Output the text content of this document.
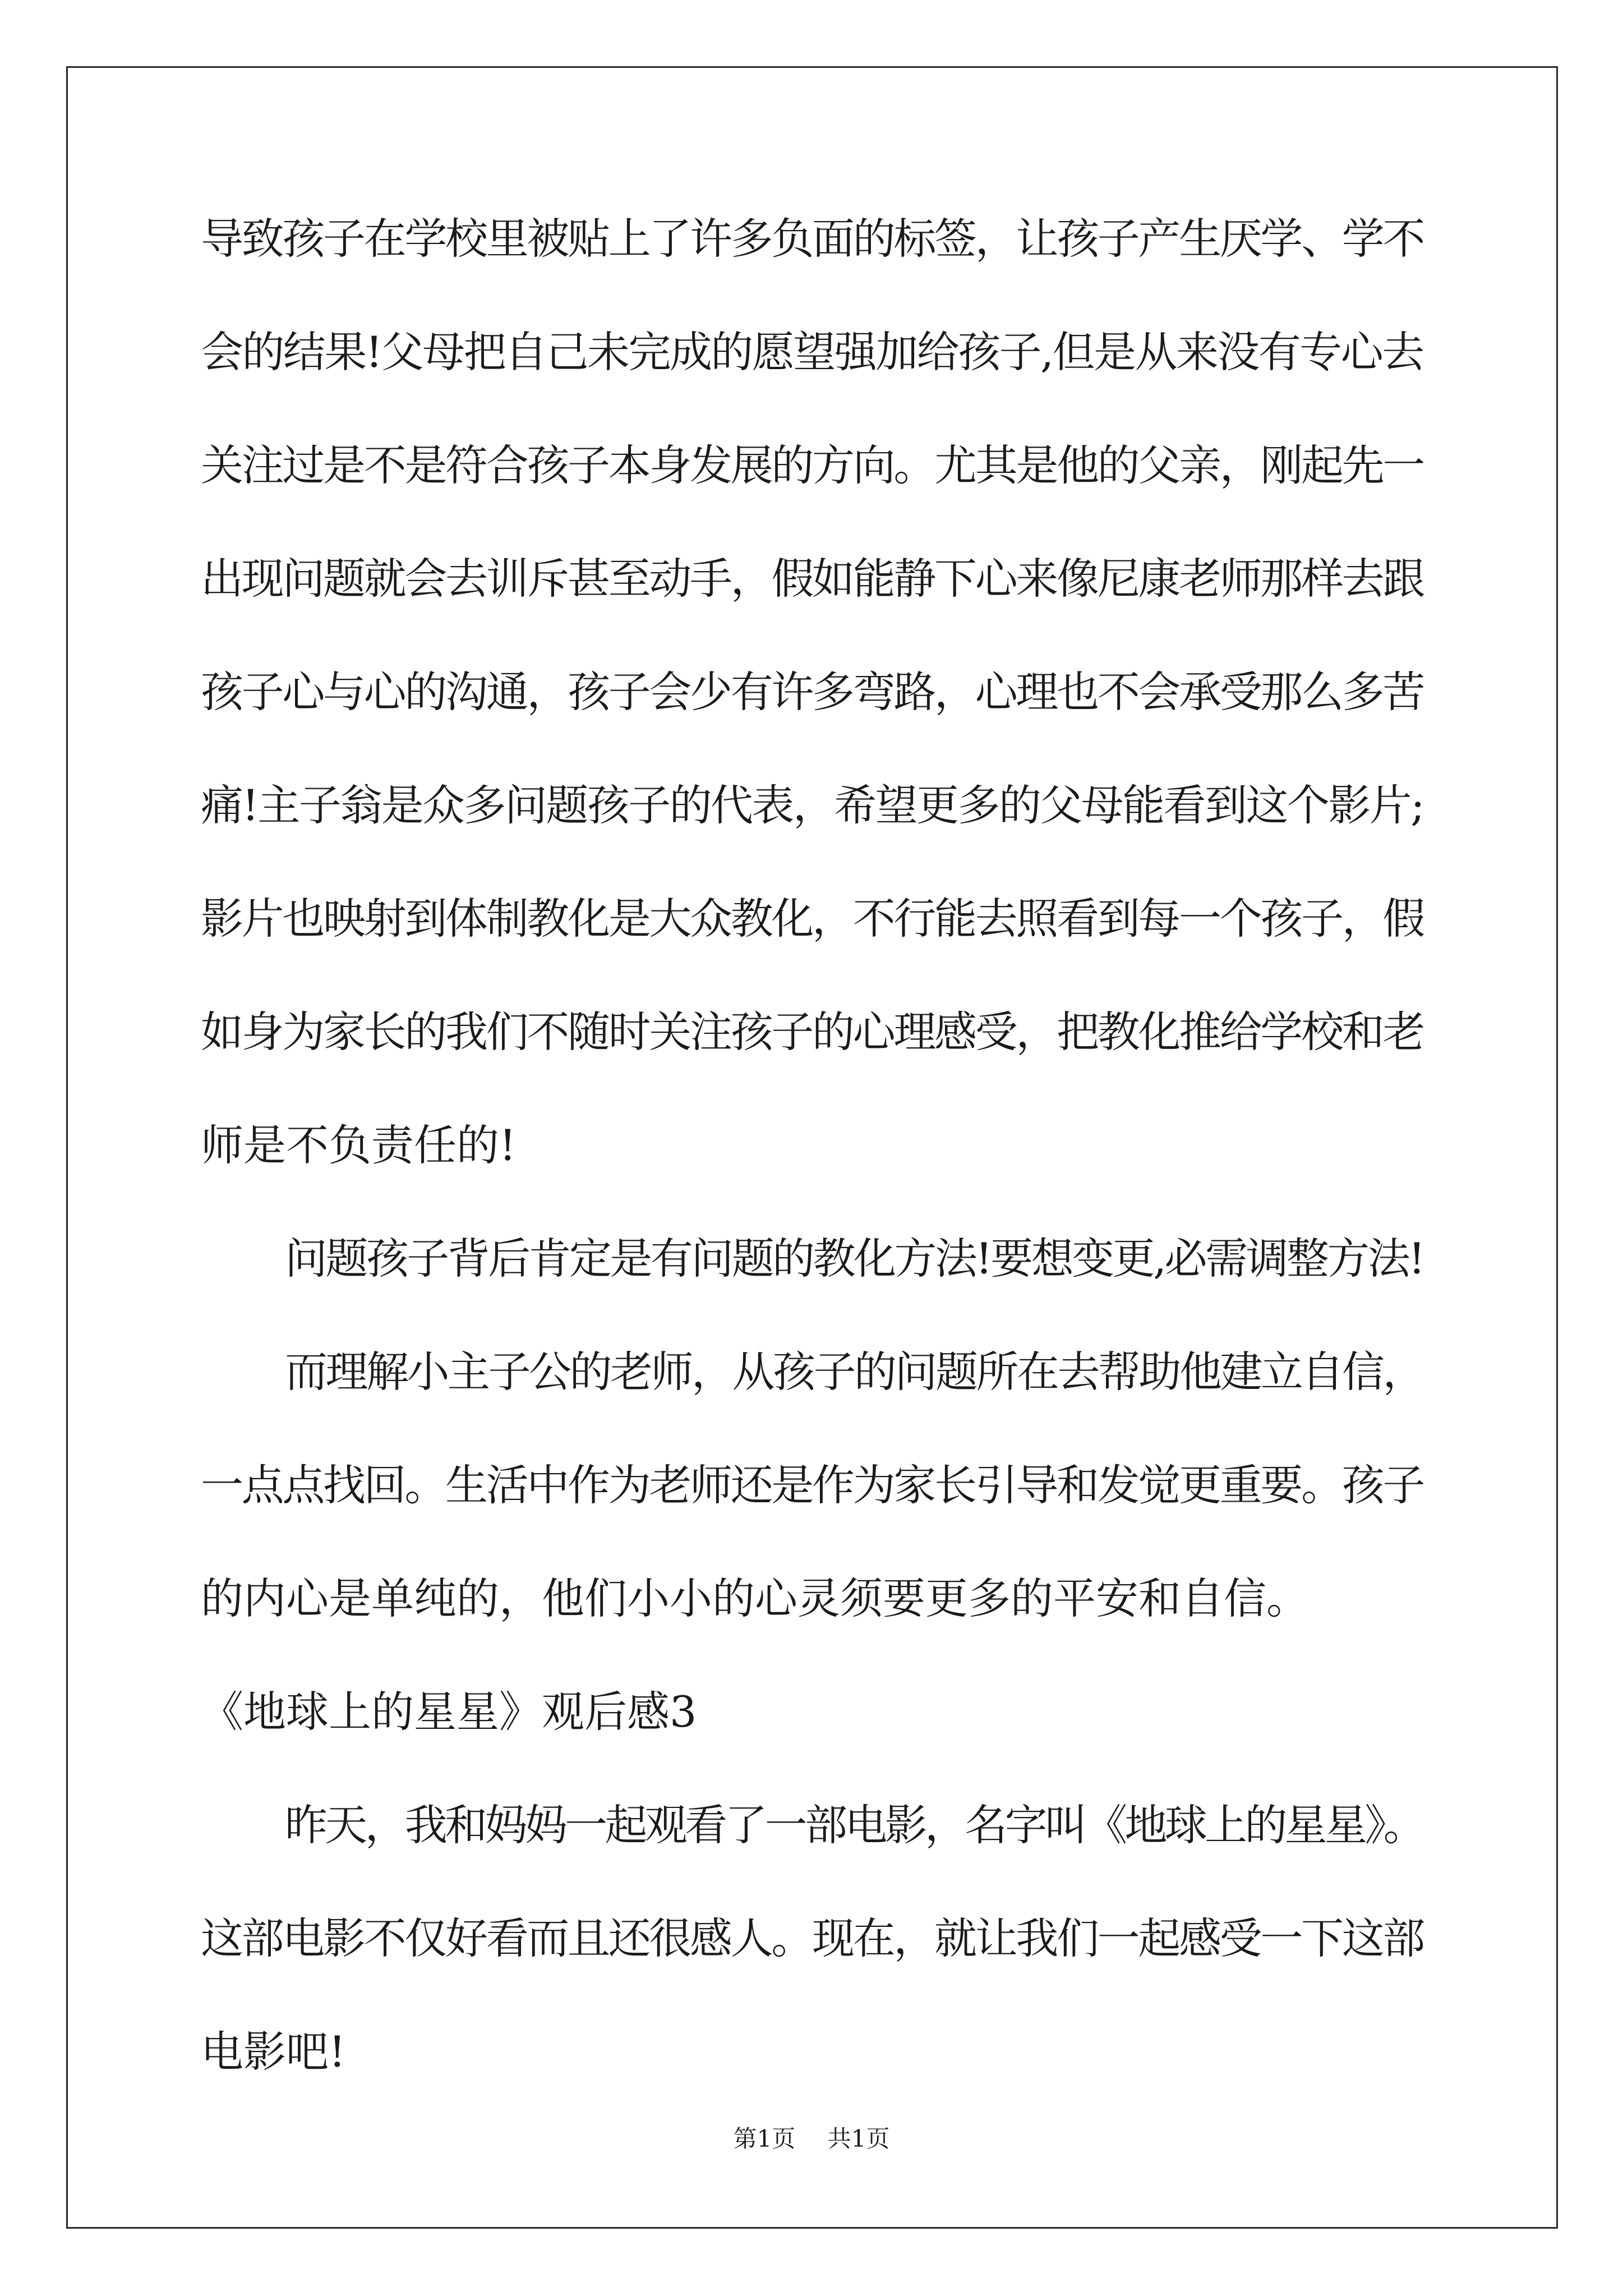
导致孩子在学校里被贴上了许多负面的标签，让孩子产生厌学、学不
会的结果!父母把自己未完成的愿望强加给孩子,但是从来没有专心去
关注过是不是符合孩子本身发展的方向。尤其是他的父亲，刚起先一
出现问题就会去训斥甚至动手，假如能静下心来像尼康老师那样去跟
孩子心与心的沟通，孩子会少有许多弯路，心理也不会承受那么多苦
痛!主子翁是众多问题孩子的代表，希望更多的父母能看到这个影片;
影片也映射到体制教化是大众教化，不行能去照看到每一个孩子，假
如身为家长的我们不随时关注孩子的心理感受，把教化推给学校和老
师是不负责任的!
问题孩子背后肯定是有问题的教化方法!要想变更,必需调整方法!
而理解小主子公的老师，从孩子的问题所在去帮助他建立自信，
一点点找回。生活中作为老师还是作为家长引导和发觉更重要。孩子
的内心是单纯的，他们小小的心灵须要更多的平安和自信。
《地球上的星星》观后感3
昨天，我和妈妈一起观看了一部电影，名字叫《地球上的星星》。
这部电影不仅好看而且还很感人。现在，就让我们一起感受一下这部
电影吧!
第1页 共1页
